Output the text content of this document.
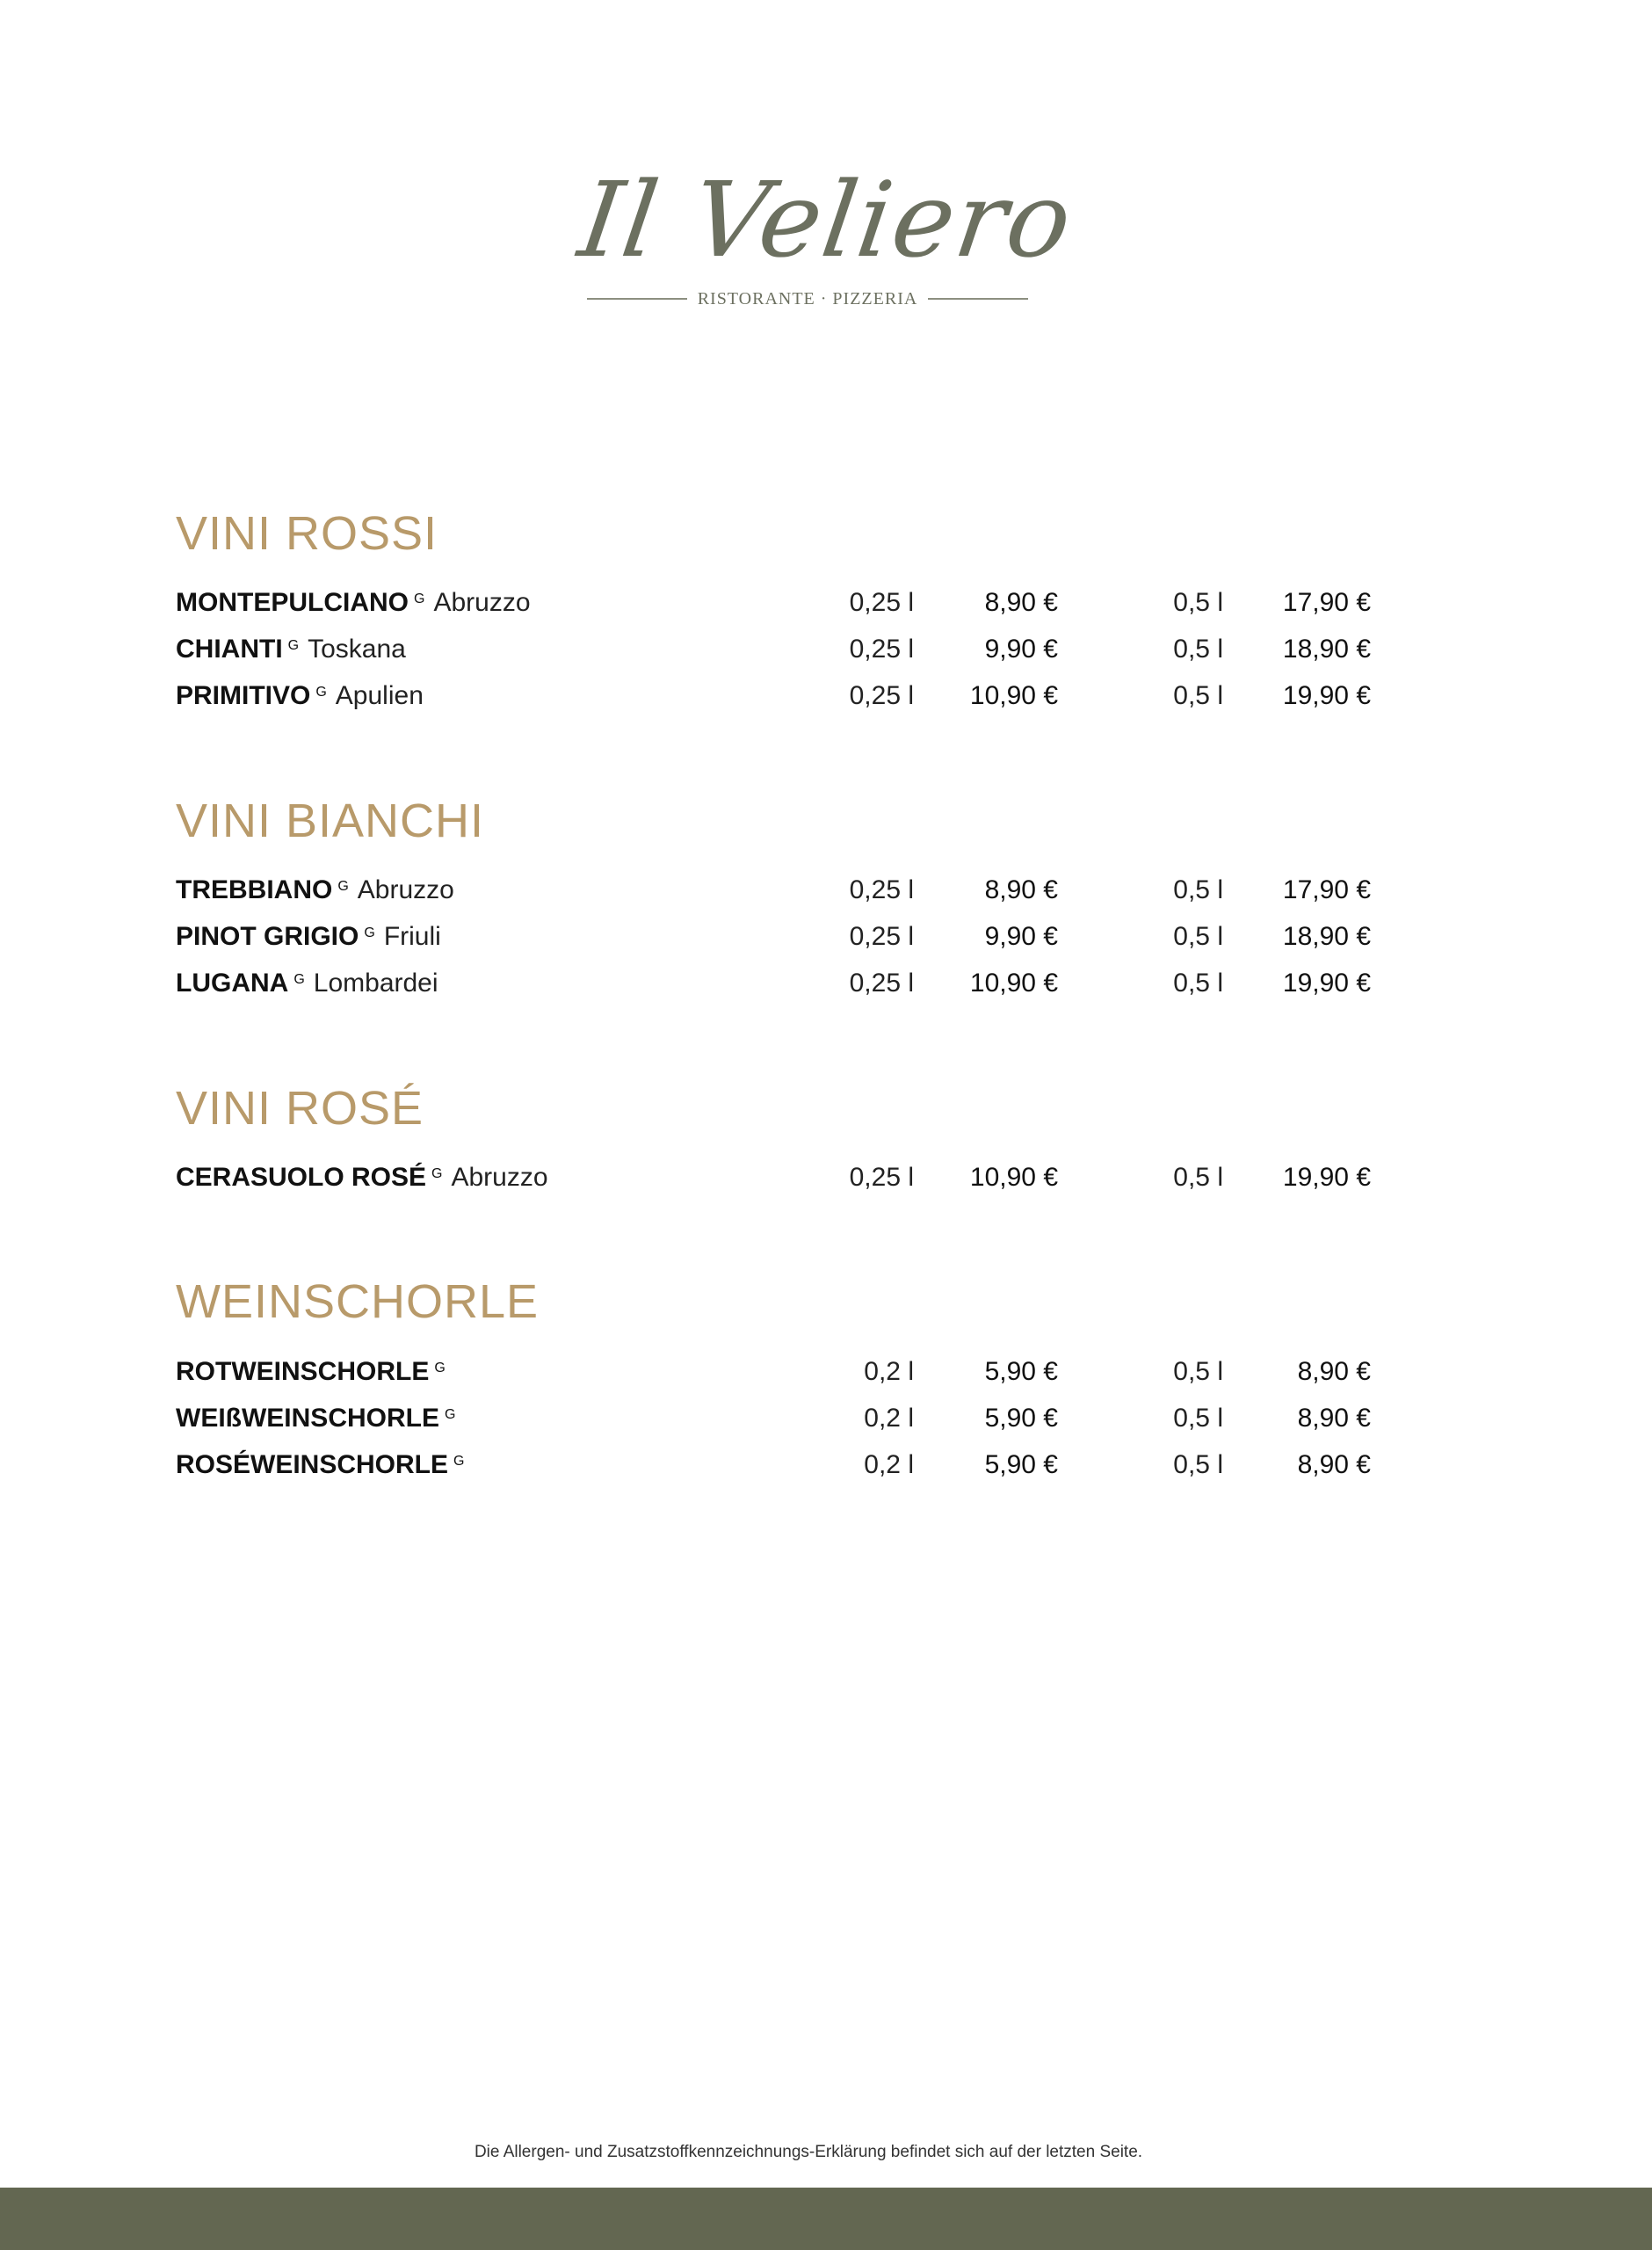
Il Veliero
RISTORANTE · PIZZERIA
VINI ROSSI
MONTEPULCIANO $^G$ Abruzzo	0,25 l	8,90 €	0,5 l 17,90 €
CHIANTI $^G$ Toskana	0,25 l	9,90 €	0,5 l 18,90 €
PRIMITIVO $^G$ Apulien	0,25 l 10,90 €	0,5 l 19,90 €
VINI BIANCHI
TREBBIANO $^G$ Abruzzo	0,25 l	8,90 €	0,5 l 17,90 €
PINOT GRIGIO $^G$ Friuli	0,25 l	9,90 €	0,5 l 18,90 €
LUGANA $^G$ Lombardei	0,25 l 10,90 €	0,5 l 19,90 €
VINI ROSÉ
CERASUOLO ROSÉ $^G$ Abruzzo	0,25 l 10,90 €	0,5 l 19,90 €
WEINSCHORLE
ROTWEINSCHORLE $^G$	0,2 l	5,90 €	0,5 l	8,90 €
WEIßWEINSCHORLE $^G$	0,2 l	5,90 €	0,5 l	8,90 €
ROSÉWEINSCHORLE $^G$	0,2 l	5,90 €	0,5 l	8,90 €
Die Allergen- und Zusatzstoffkennzeichnungs-Erklärung befindet sich auf der letzten Seite.
